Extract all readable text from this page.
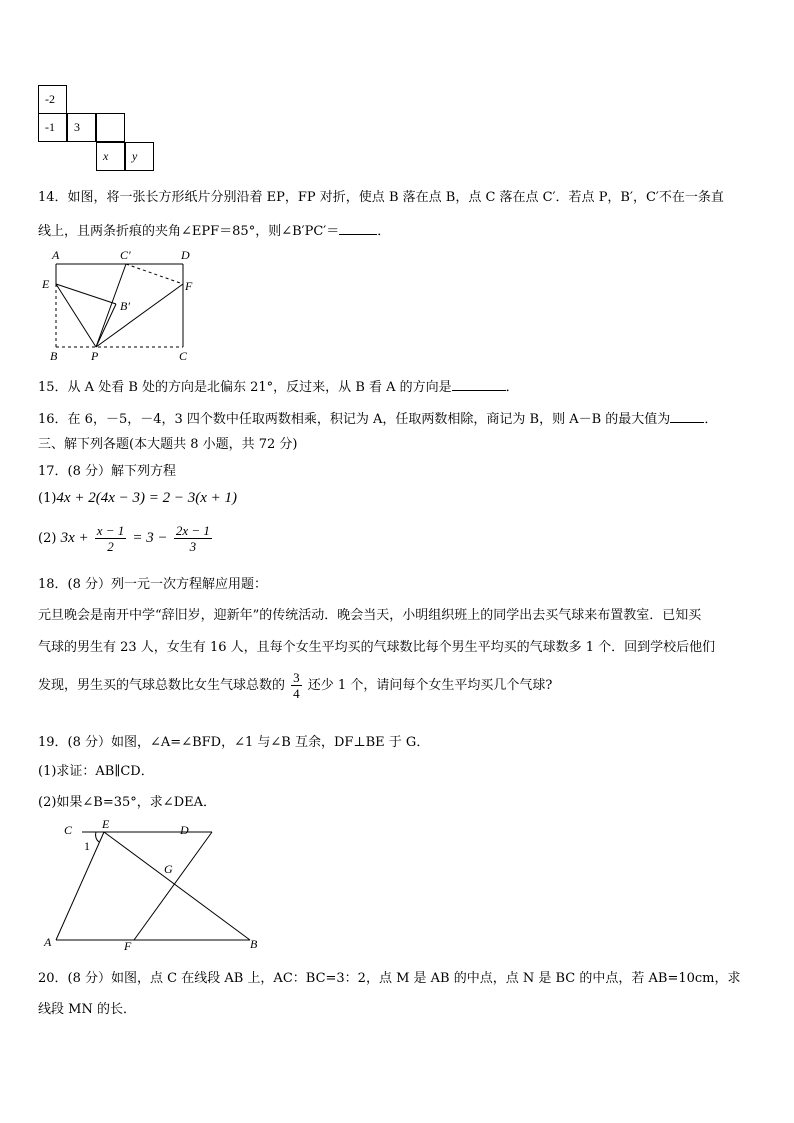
-2
-1	3
x	y
14．如图，将一张长方形纸片分别沿着 EP，FP 对折，使点 B 落在点 B，点 C 落在点 C′．若点 P，B′，C′不在一条直
线上，且两条折痕的夹角∠EPF＝85°，则∠B′PC′＝	．
A	C′	D
E	F
B′
B	P	C
15．从 A 处看 B 处的方向是北偏东 21°，反过来，从 B 看 A 的方向是	．
16．在 6，－5，－4，3 四个数中任取两数相乘，积记为 A，任取两数相除，商记为 B，则 A－B 的最大值为	．
三、解下列各题(本大题共 8 小题，共 72 分)
17．(8 分）解下列方程
(1)4x + 2(4x − 3) = 2 − 3(x + 1)
(2) $3x + \frac{x - 1}{2} = 3 - \frac{2x - 1}{3}$
18．(8 分）列一元一次方程解应用题：
元旦晚会是南开中学“辞旧岁，迎新年”的传统活动．晚会当天，小明组织班上的同学出去买气球来布置教室．已知买
气球的男生有 23 人，女生有 16 人，且每个女生平均买的气球数比每个男生平均买的气球数多 1 个．回到学校后他们
发现，男生买的气球总数比女生气球总数的 $\frac{3}{4}$ 还少 1 个，请问每个女生平均买几个气球?
19．(8 分）如图，∠A=∠BFD，∠1 与∠B 互余，DF⊥BE 于 G．
(1)求证：AB∥CD．
(2)如果∠B=35°，求∠DEA．
C E	D
1
G
A	F	B
20．(8 分）如图，点 C 在线段 AB 上，AC：BC=3：2，点 M 是 AB 的中点，点 N 是 BC 的中点，若 AB=10cm，求
线段 MN 的长．
